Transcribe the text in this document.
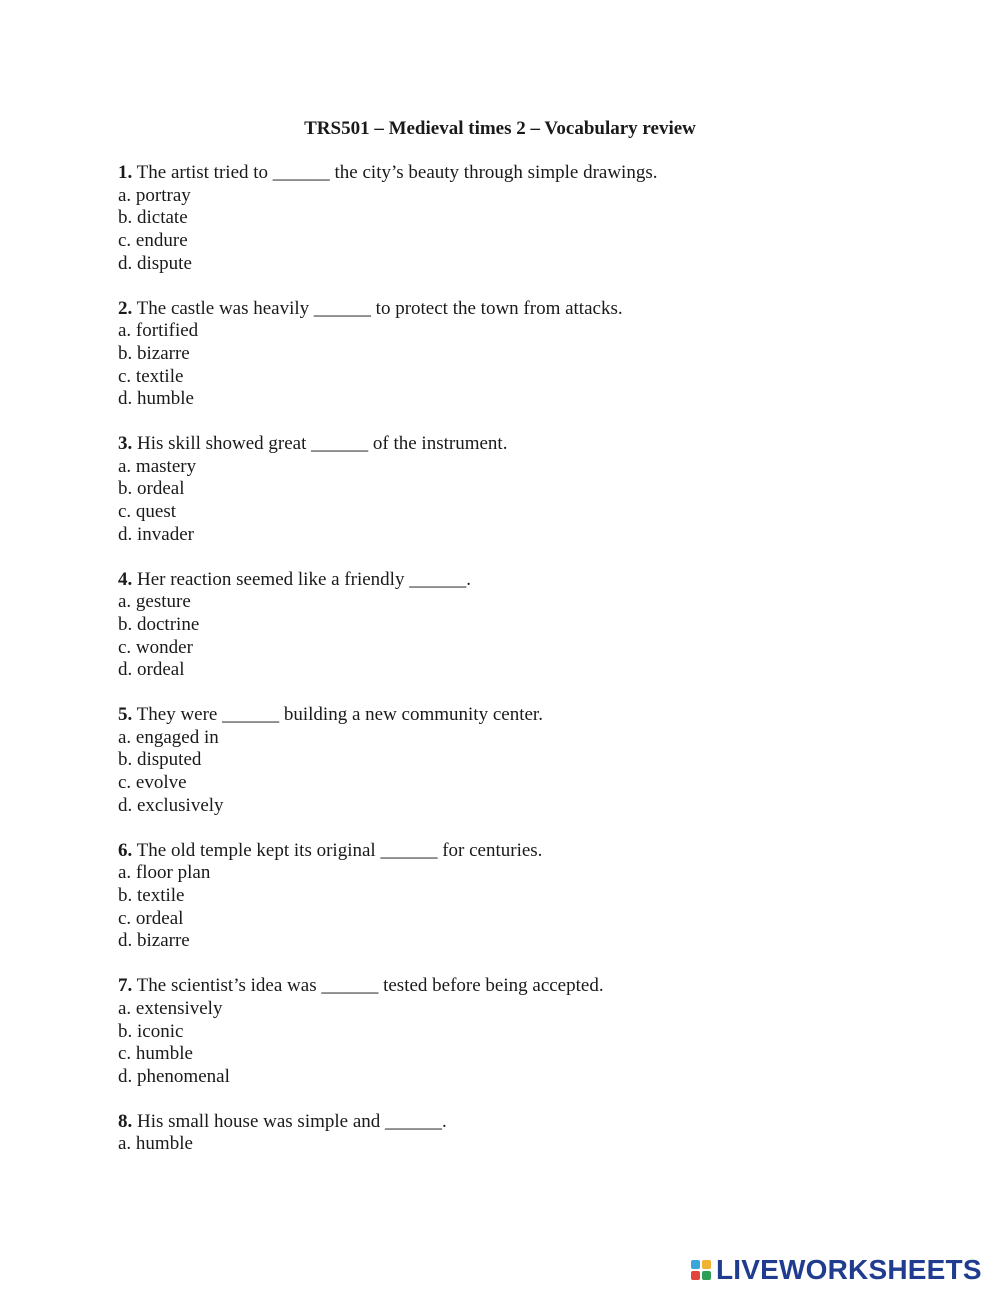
TRS501 – Medieval times 2 – Vocabulary review
1. The artist tried to ______ the city’s beauty through simple drawings.
a. portray
b. dictate
c. endure
d. dispute
2. The castle was heavily ______ to protect the town from attacks.
a. fortified
b. bizarre
c. textile
d. humble
3. His skill showed great ______ of the instrument.
a. mastery
b. ordeal
c. quest
d. invader
4. Her reaction seemed like a friendly ______.
a. gesture
b. doctrine
c. wonder
d. ordeal
5. They were ______ building a new community center.
a. engaged in
b. disputed
c. evolve
d. exclusively
6. The old temple kept its original ______ for centuries.
a. floor plan
b. textile
c. ordeal
d. bizarre
7. The scientist’s idea was ______ tested before being accepted.
a. extensively
b. iconic
c. humble
d. phenomenal
8. His small house was simple and ______.
a. humble
LIVEWORKSHEETS
